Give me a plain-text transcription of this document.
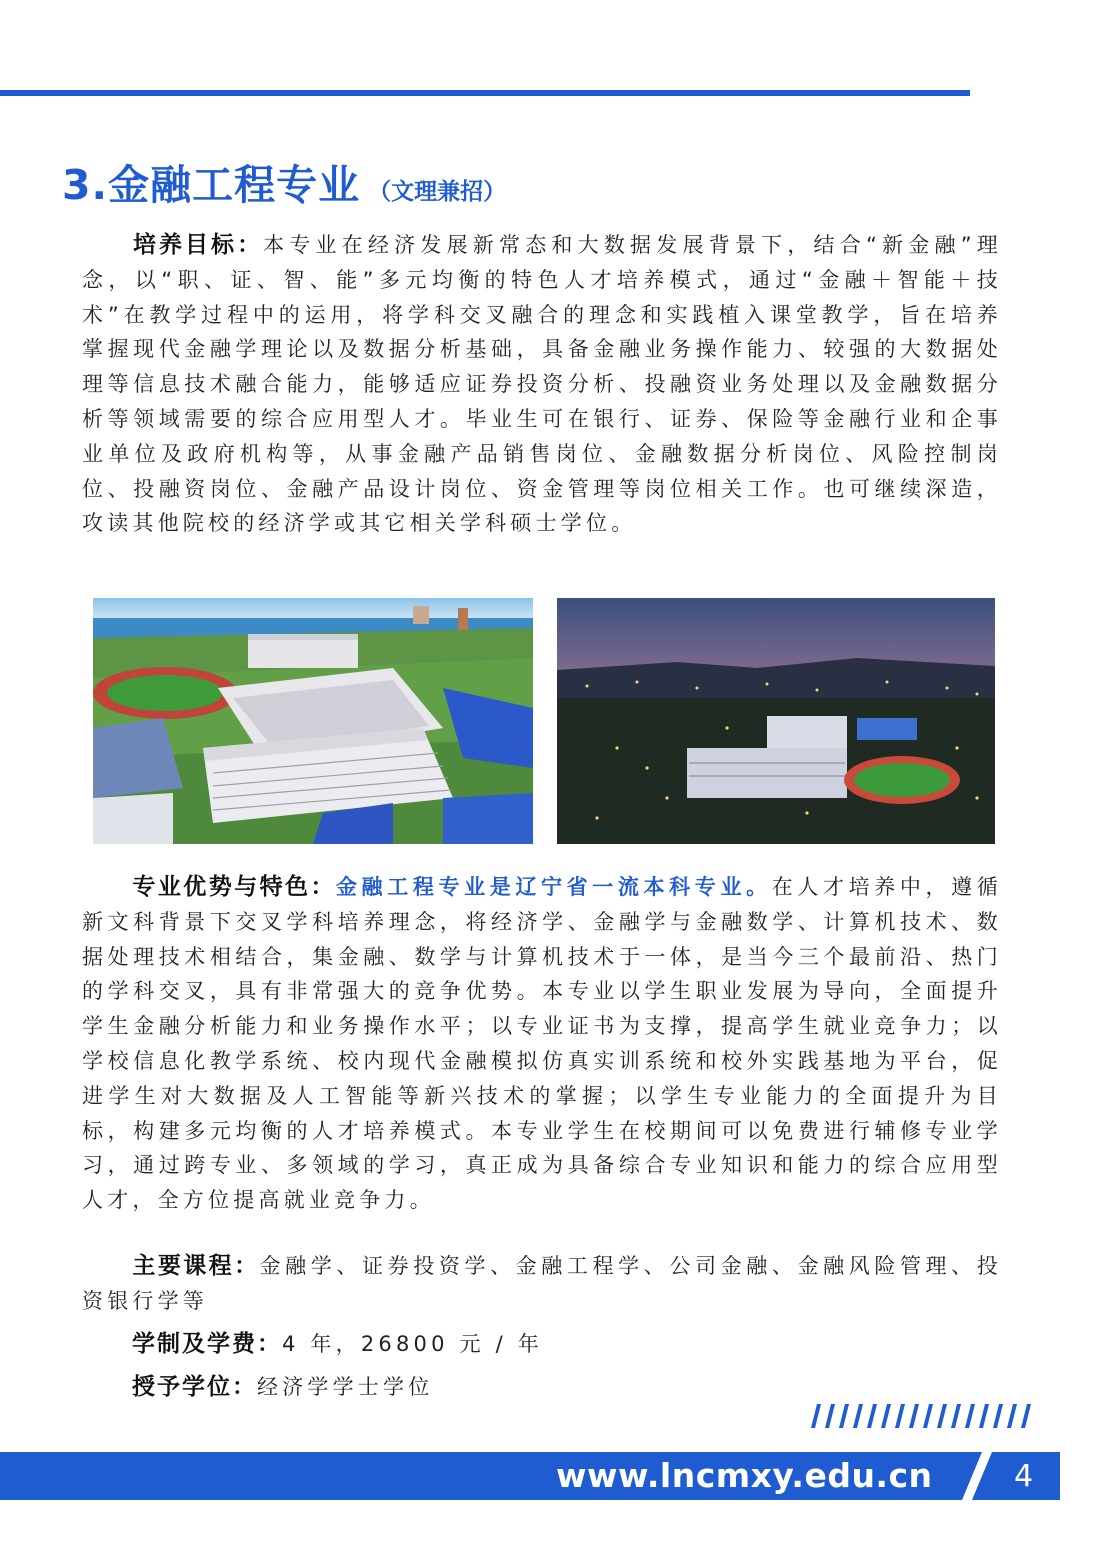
3.金融工程专业 （文理兼招）
培养目标：本专业在经济发展新常态和大数据发展背景下，结合“新金融”理念，以“职、证、智、能”多元均衡的特色人才培养模式，通过“金融＋智能＋技术”在教学过程中的运用，将学科交叉融合的理念和实践植入课堂教学，旨在培养掌握现代金融学理论以及数据分析基础，具备金融业务操作能力、较强的大数据处理等信息技术融合能力，能够适应证券投资分析、投融资业务处理以及金融数据分析等领域需要的综合应用型人才。毕业生可在银行、证券、保险等金融行业和企事业单位及政府机构等，从事金融产品销售岗位、金融数据分析岗位、风险控制岗位、投融资岗位、金融产品设计岗位、资金管理等岗位相关工作。也可继续深造，攻读其他院校的经济学或其它相关学科硕士学位。
专业优势与特色：金融工程专业是辽宁省一流本科专业。在人才培养中，遵循新文科背景下交叉学科培养理念，将经济学、金融学与金融数学、计算机技术、数据处理技术相结合，集金融、数学与计算机技术于一体，是当今三个最前沿、热门的学科交叉，具有非常强大的竞争优势。本专业以学生职业发展为导向，全面提升学生金融分析能力和业务操作水平；以专业证书为支撑，提高学生就业竞争力；以学校信息化教学系统、校内现代金融模拟仿真实训系统和校外实践基地为平台，促进学生对大数据及人工智能等新兴技术的掌握；以学生专业能力的全面提升为目标，构建多元均衡的人才培养模式。本专业学生在校期间可以免费进行辅修专业学习，通过跨专业、多领域的学习，真正成为具备综合专业知识和能力的综合应用型人才，全方位提高就业竞争力。
主要课程：金融学、证券投资学、金融工程学、公司金融、金融风险管理、投资银行学等
学制及学费：4 年，26800 元 / 年
授予学位：经济学学士学位
www.lncmxy.edu.cn	4
